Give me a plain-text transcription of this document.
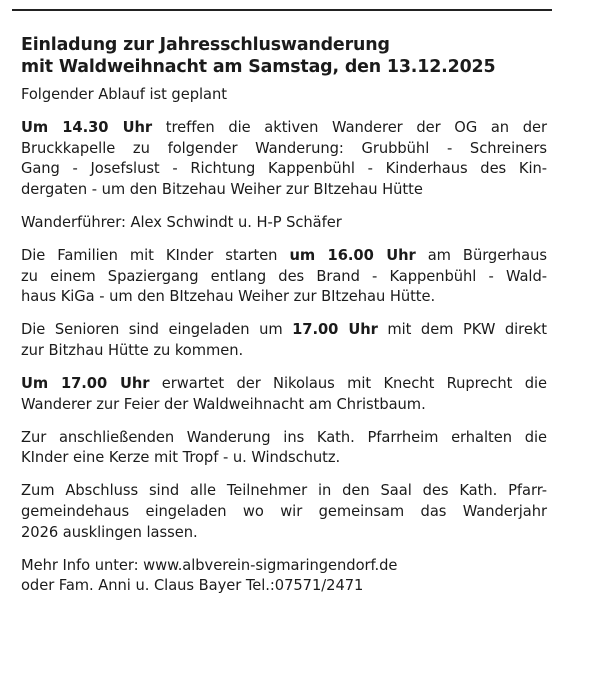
Einladung zur Jahresschluswanderung
mit Waldweihnacht am Samstag, den 13.12.2025
Folgender Ablauf ist geplant
Um 14.30 Uhr treffen die aktiven Wanderer der OG an der
Bruckkapelle zu folgender Wanderung: Grubbühl - Schreiners
Gang - Josefslust - Richtung Kappenbühl - Kinderhaus des Kin-
dergaten - um den Bitzehau Weiher zur BItzehau Hütte
Wanderführer: Alex Schwindt u. H-P Schäfer
Die Familien mit KInder starten um 16.00 Uhr am Bürgerhaus
zu einem Spaziergang entlang des Brand - Kappenbühl - Wald-
haus KiGa - um den BItzehau Weiher zur BItzehau Hütte.
Die Senioren sind eingeladen um 17.00 Uhr mit dem PKW direkt
zur Bitzhau Hütte zu kommen.
Um 17.00 Uhr erwartet der Nikolaus mit Knecht Ruprecht die
Wanderer zur Feier der Waldweihnacht am Christbaum.
Zur anschließenden Wanderung ins Kath. Pfarrheim erhalten die
KInder eine Kerze mit Tropf - u. Windschutz.
Zum Abschluss sind alle Teilnehmer in den Saal des Kath. Pfarr-
gemeindehaus eingeladen wo wir gemeinsam das Wanderjahr
2026 ausklingen lassen.
Mehr Info unter: www.albverein-sigmaringendorf.de
oder Fam. Anni u. Claus Bayer Tel.:07571/2471
